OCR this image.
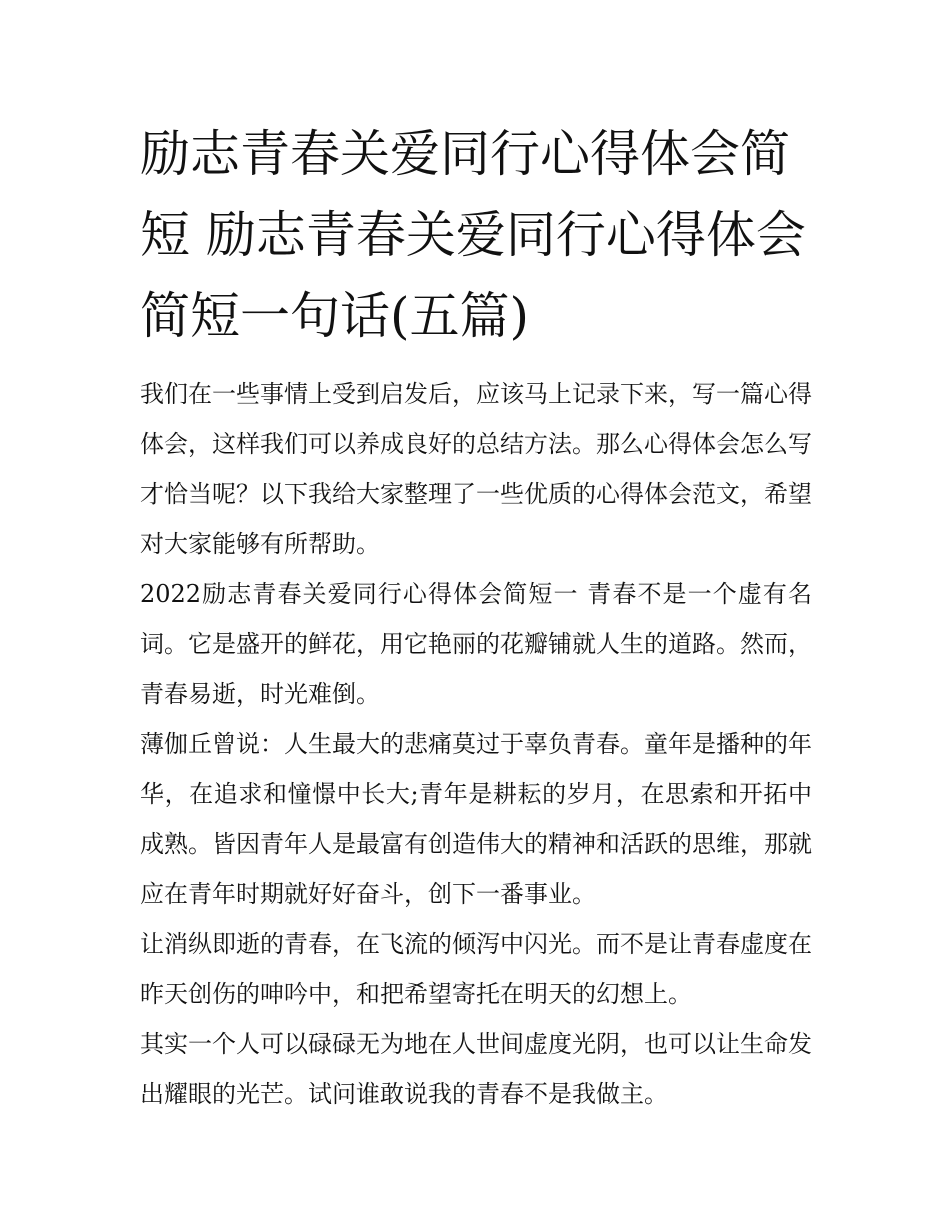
励志青春关爱同行心得体会简短 励志青春关爱同行心得体会简短一句话(五篇)

我们在一些事情上受到启发后，应该马上记录下来，写一篇心得体会，这样我们可以养成良好的总结方法。那么心得体会怎么写才恰当呢？以下我给大家整理了一些优质的心得体会范文，希望对大家能够有所帮助。

2022励志青春关爱同行心得体会简短一 青春不是一个虚有名词。它是盛开的鲜花，用它艳丽的花瓣铺就人生的道路。然而，青春易逝，时光难倒。

薄伽丘曾说：人生最大的悲痛莫过于辜负青春。童年是播种的年华，在追求和憧憬中长大;青年是耕耘的岁月，在思索和开拓中成熟。皆因青年人是最富有创造伟大的精神和活跃的思维，那就应在青年时期就好好奋斗，创下一番事业。

让消纵即逝的青春，在飞流的倾泻中闪光。而不是让青春虚度在昨天创伤的呻吟中，和把希望寄托在明天的幻想上。

其实一个人可以碌碌无为地在人世间虚度光阴，也可以让生命发出耀眼的光芒。试问谁敢说我的青春不是我做主。
